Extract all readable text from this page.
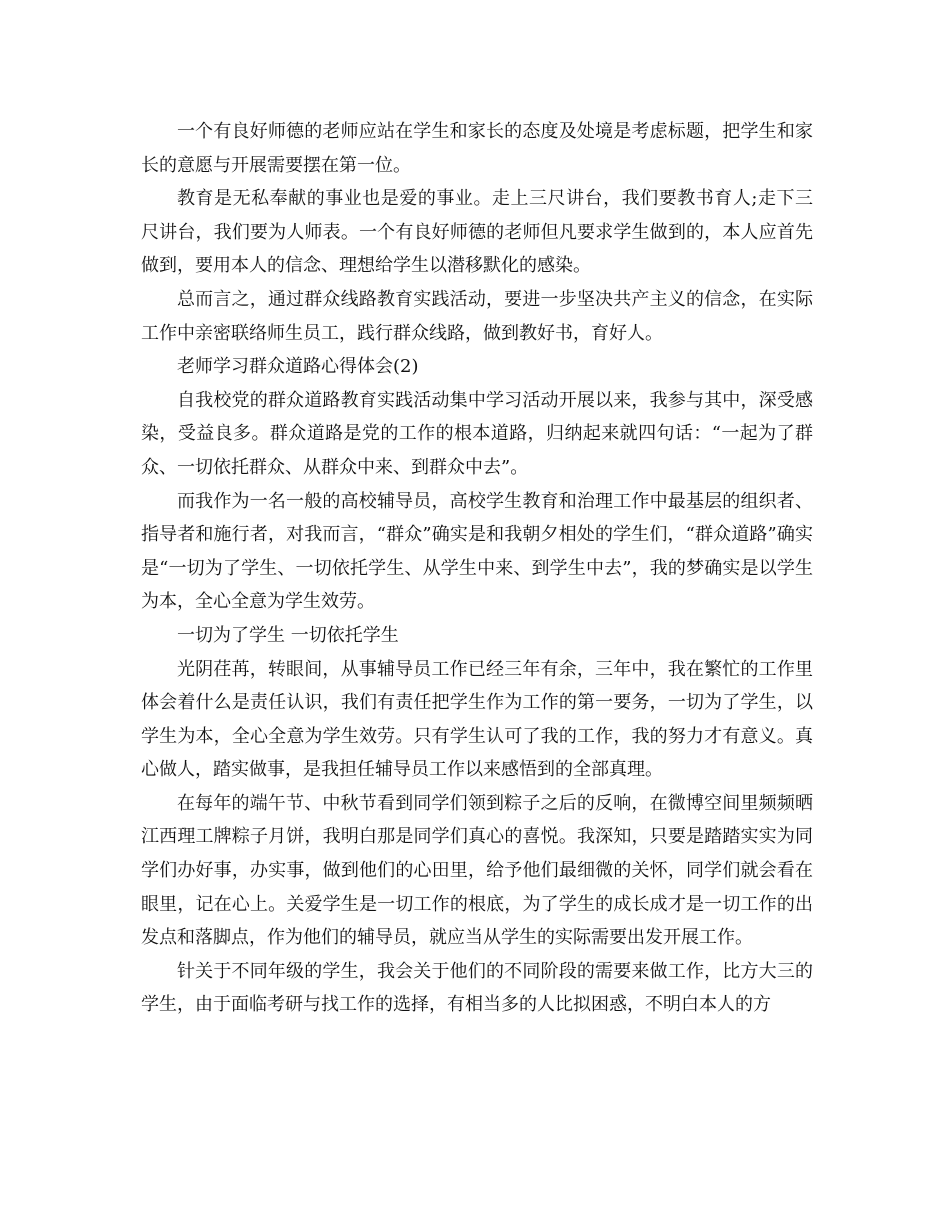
一个有良好师德的老师应站在学生和家长的态度及处境是考虑标题，把学生和家长的意愿与开展需要摆在第一位。

教育是无私奉献的事业也是爱的事业。走上三尺讲台，我们要教书育人;走下三尺讲台，我们要为人师表。一个有良好师德的老师但凡要求学生做到的，本人应首先做到，要用本人的信念、理想给学生以潜移默化的感染。

总而言之，通过群众线路教育实践活动，要进一步坚决共产主义的信念，在实际工作中亲密联络师生员工，践行群众线路，做到教好书，育好人。

老师学习群众道路心得体会(2)

自我校党的群众道路教育实践活动集中学习活动开展以来，我参与其中，深受感染，受益良多。群众道路是党的工作的根本道路，归纳起来就四句话：“一起为了群众、一切依托群众、从群众中来、到群众中去”。

而我作为一名一般的高校辅导员，高校学生教育和治理工作中最基层的组织者、指导者和施行者，对我而言，“群众”确实是和我朝夕相处的学生们，“群众道路”确实是“一切为了学生、一切依托学生、从学生中来、到学生中去”，我的梦确实是以学生为本，全心全意为学生效劳。

一切为了学生 一切依托学生

光阴荏苒，转眼间，从事辅导员工作已经三年有余，三年中，我在繁忙的工作里体会着什么是责任认识，我们有责任把学生作为工作的第一要务，一切为了学生，以学生为本，全心全意为学生效劳。只有学生认可了我的工作，我的努力才有意义。真心做人，踏实做事，是我担任辅导员工作以来感悟到的全部真理。

在每年的端午节、中秋节看到同学们领到粽子之后的反响，在微博空间里频频晒江西理工牌粽子月饼，我明白那是同学们真心的喜悦。我深知，只要是踏踏实实为同学们办好事，办实事，做到他们的心田里，给予他们最细微的关怀，同学们就会看在眼里，记在心上。关爱学生是一切工作的根底，为了学生的成长成才是一切工作的出发点和落脚点，作为他们的辅导员，就应当从学生的实际需要出发开展工作。

针关于不同年级的学生，我会关于他们的不同阶段的需要来做工作，比方大三的学生，由于面临考研与找工作的选择，有相当多的人比拟困惑，不明白本人的方
